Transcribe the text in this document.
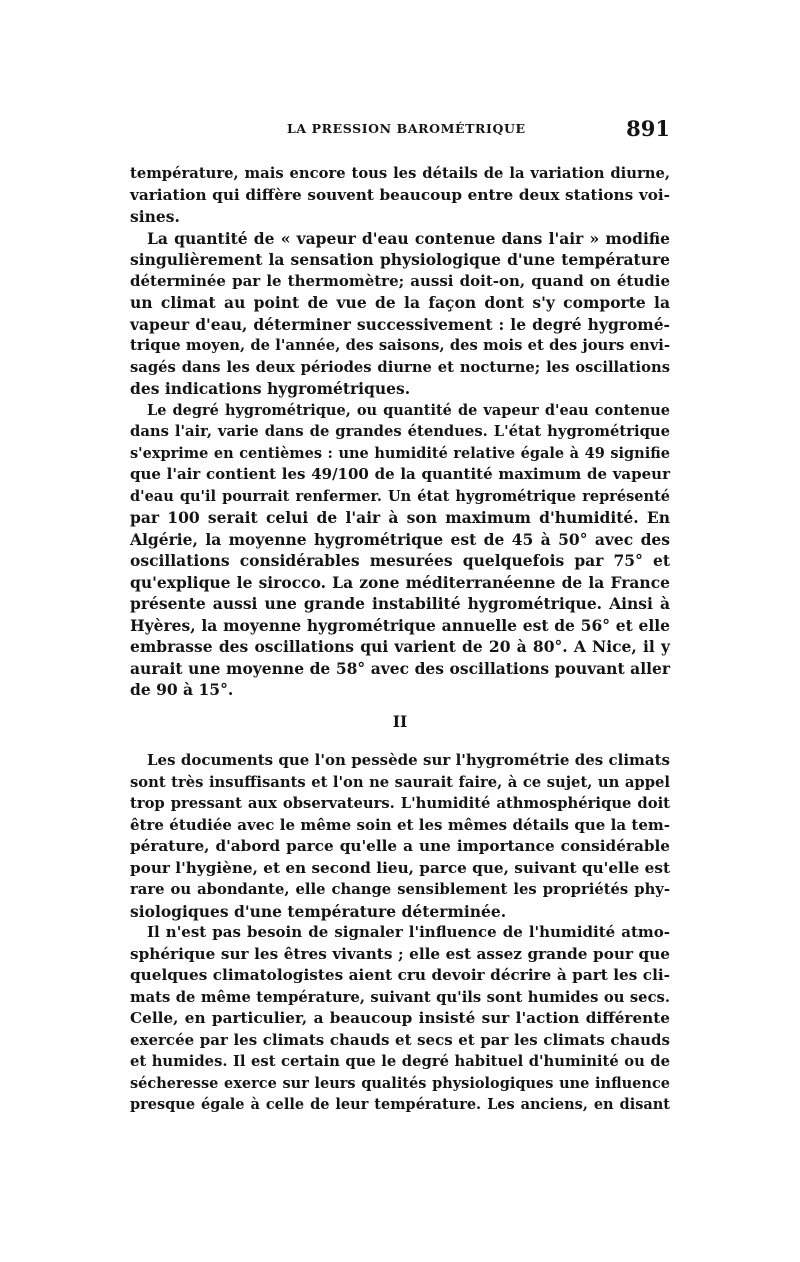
LA PRESSION BAROMÉTRIQUE	891
température, mais encore tous les détails de la variation diurne,
variation qui diffère souvent beaucoup entre deux stations voi-
sines.
La quantité de « vapeur d'eau contenue dans l'air » modifie
singulièrement la sensation physiologique d'une température
déterminée par le thermomètre; aussi doit-on, quand on étudie
un climat au point de vue de la façon dont s'y comporte la
vapeur d'eau, déterminer successivement : le degré hygromé-
trique moyen, de l'année, des saisons, des mois et des jours envi-
sagés dans les deux périodes diurne et nocturne; les oscillations
des indications hygrométriques.
Le degré hygrométrique, ou quantité de vapeur d'eau contenue
dans l'air, varie dans de grandes étendues. L'état hygrométrique
s'exprime en centièmes : une humidité relative égale à 49 signifie
que l'air contient les 49/100 de la quantité maximum de vapeur
d'eau qu'il pourrait renfermer. Un état hygrométrique représenté
par 100 serait celui de l'air à son maximum d'humidité. En
Algérie, la moyenne hygrométrique est de 45 à 50° avec des
oscillations considérables mesurées quelquefois par 75° et
qu'explique le sirocco. La zone méditerranéenne de la France
présente aussi une grande instabilité hygrométrique. Ainsi à
Hyères, la moyenne hygrométrique annuelle est de 56° et elle
embrasse des oscillations qui varient de 20 à 80°. A Nice, il y
aurait une moyenne de 58° avec des oscillations pouvant aller
de 90 à 15°.
II
Les documents que l'on pessède sur l'hygrométrie des climats
sont très insuffisants et l'on ne saurait faire, à ce sujet, un appel
trop pressant aux observateurs. L'humidité athmosphérique doit
être étudiée avec le même soin et les mêmes détails que la tem-
pérature, d'abord parce qu'elle a une importance considérable
pour l'hygiène, et en second lieu, parce que, suivant qu'elle est
rare ou abondante, elle change sensiblement les propriétés phy-
siologiques d'une température déterminée.
Il n'est pas besoin de signaler l'influence de l'humidité atmo-
sphérique sur les êtres vivants ; elle est assez grande pour que
quelques climatologistes aient cru devoir décrire à part les cli-
mats de même température, suivant qu'ils sont humides ou secs.
Celle, en particulier, a beaucoup insisté sur l'action différente
exercée par les climats chauds et secs et par les climats chauds
et humides. Il est certain que le degré habituel d'huminité ou de
sécheresse exerce sur leurs qualités physiologiques une influence
presque égale à celle de leur température. Les anciens, en disant
